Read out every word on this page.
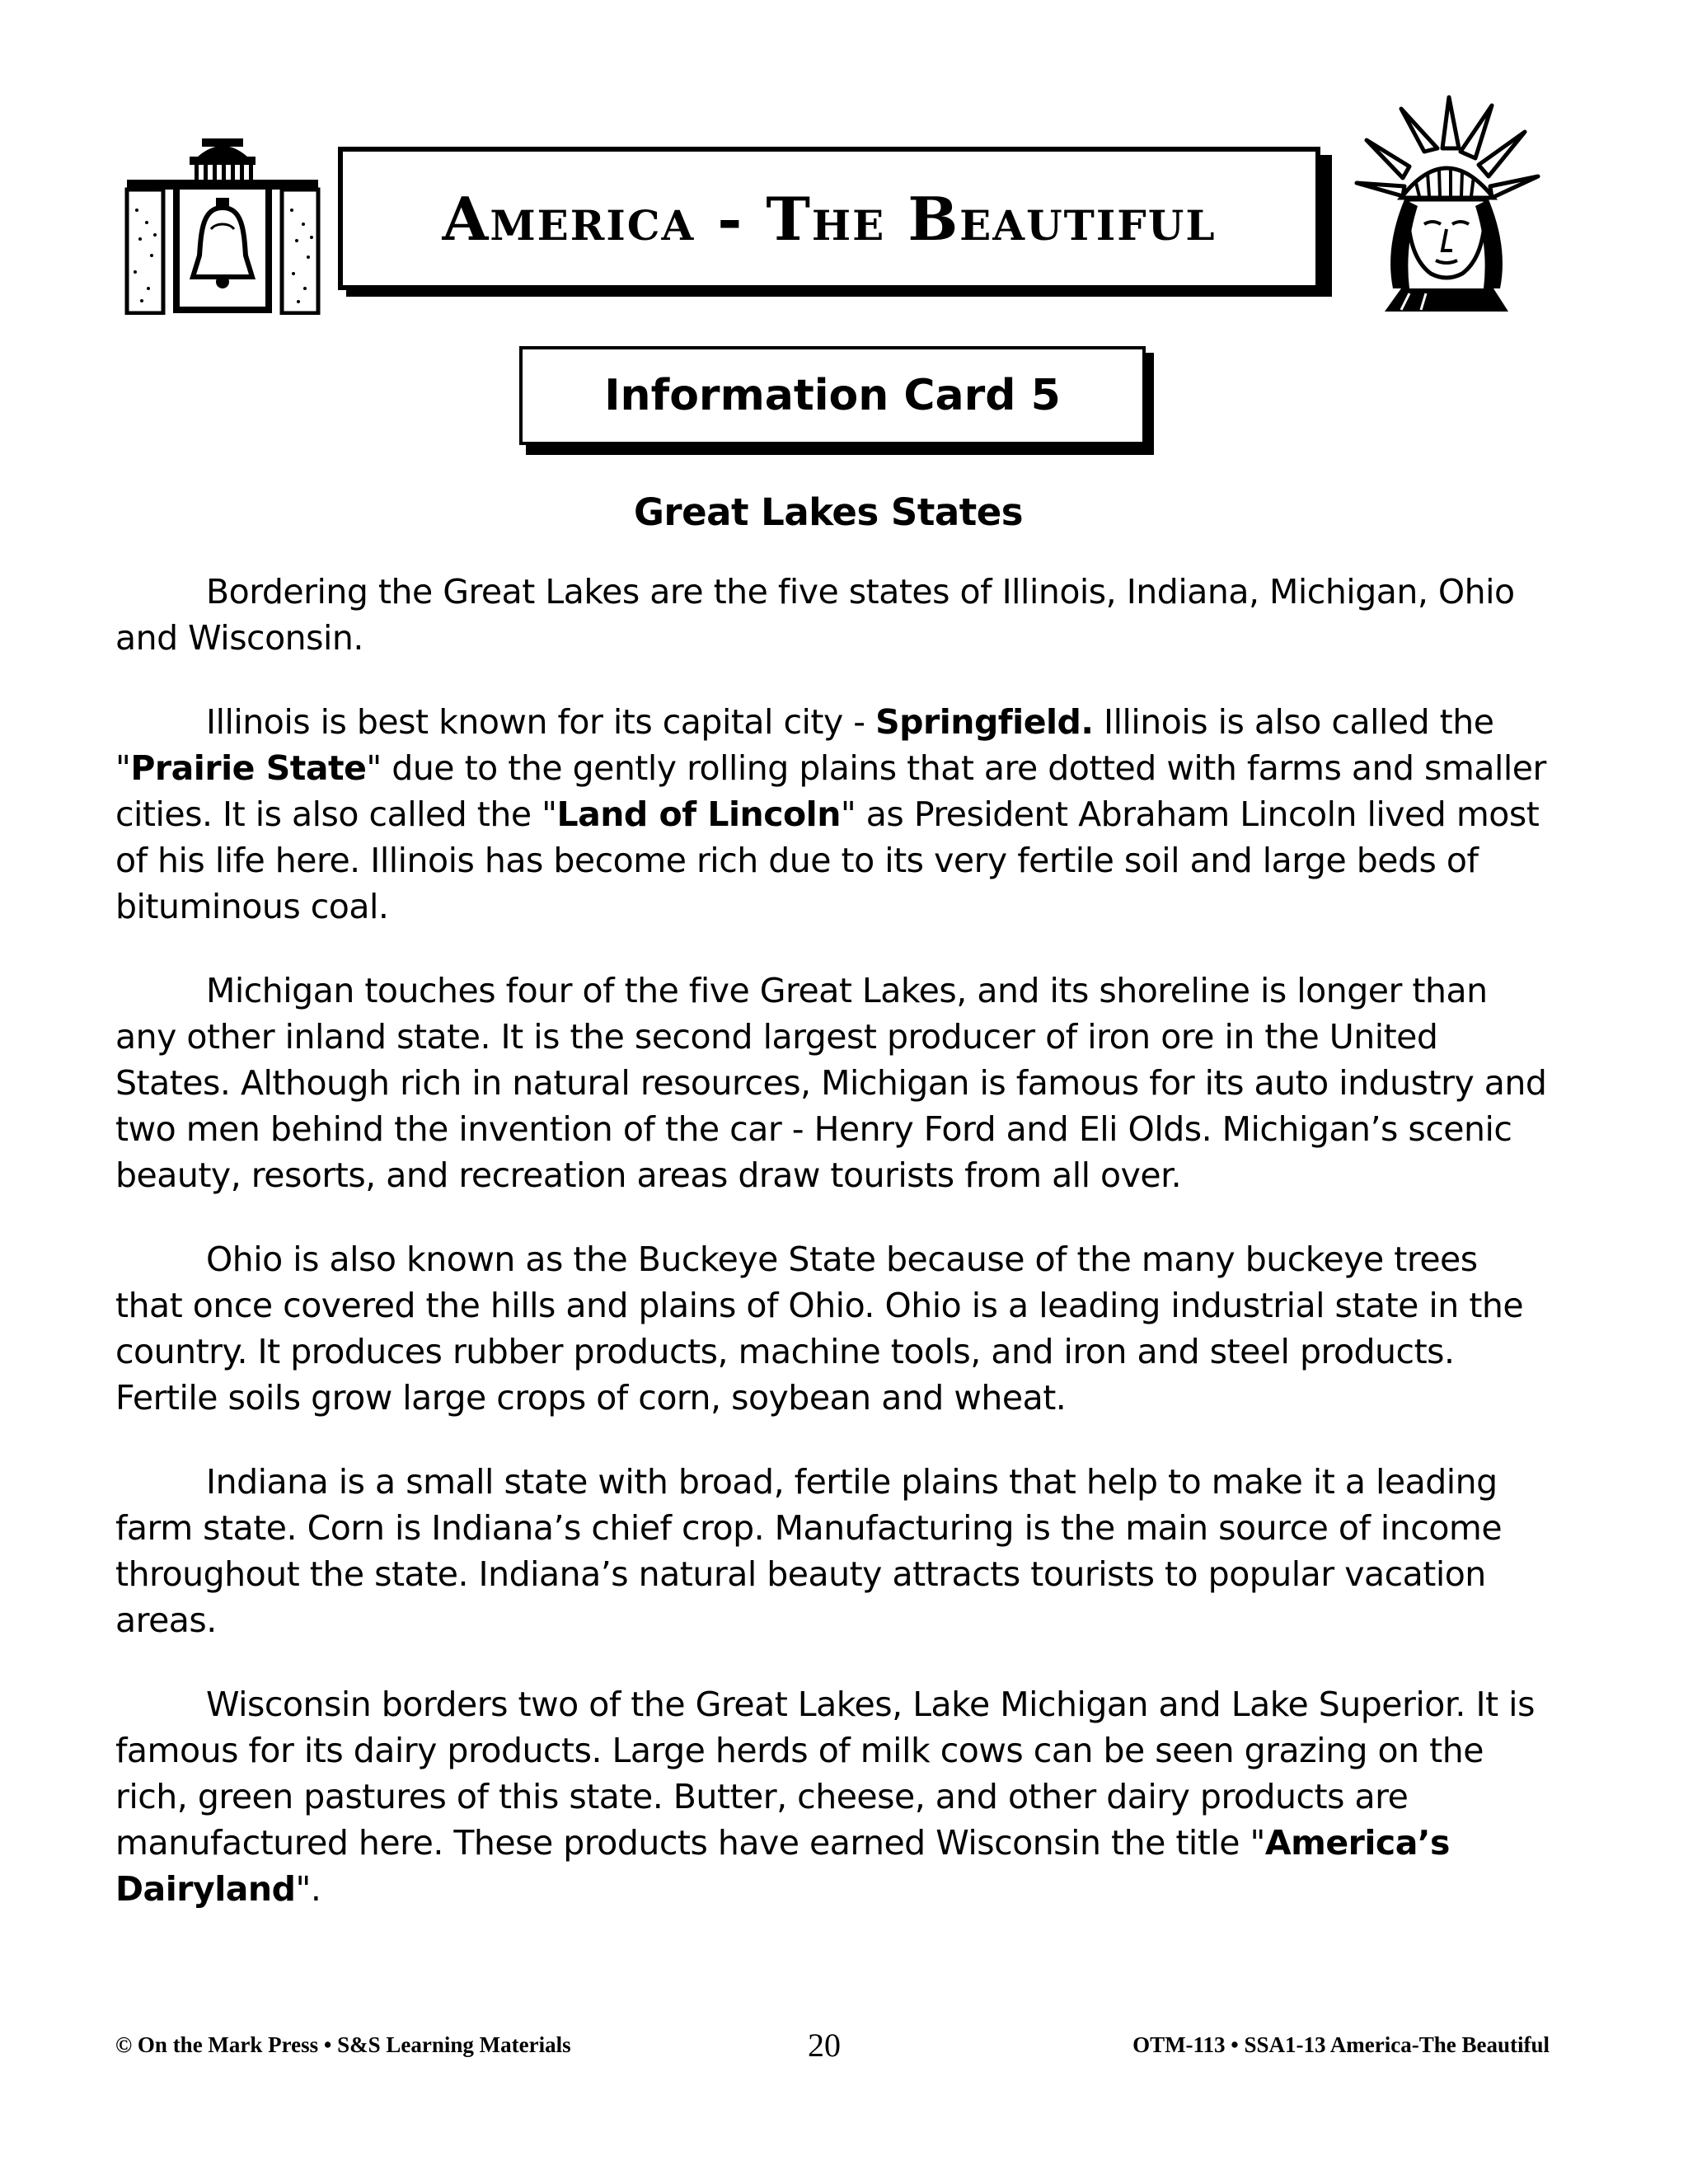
America - The Beautiful
Information Card 5
Great Lakes States

Bordering the Great Lakes are the five states of Illinois, Indiana, Michigan, Ohio and Wisconsin.

Illinois is best known for its capital city - Springfield. Illinois is also called the "Prairie State" due to the gently rolling plains that are dotted with farms and smaller cities. It is also called the "Land of Lincoln" as President Abraham Lincoln lived most of his life here. Illinois has become rich due to its very fertile soil and large beds of bituminous coal.

Michigan touches four of the five Great Lakes, and its shoreline is longer than any other inland state. It is the second largest producer of iron ore in the United States. Although rich in natural resources, Michigan is famous for its auto industry and two men behind the invention of the car - Henry Ford and Eli Olds. Michigan’s scenic beauty, resorts, and recreation areas draw tourists from all over.

Ohio is also known as the Buckeye State because of the many buckeye trees that once covered the hills and plains of Ohio. Ohio is a leading industrial state in the country. It produces rubber products, machine tools, and iron and steel products. Fertile soils grow large crops of corn, soybean and wheat.

Indiana is a small state with broad, fertile plains that help to make it a leading farm state. Corn is Indiana’s chief crop. Manufacturing is the main source of income throughout the state. Indiana’s natural beauty attracts tourists to popular vacation areas.

Wisconsin borders two of the Great Lakes, Lake Michigan and Lake Superior. It is famous for its dairy products. Large herds of milk cows can be seen grazing on the rich, green pastures of this state. Butter, cheese, and other dairy products are manufactured here. These products have earned Wisconsin the title "America’s Dairyland".

© On the Mark Press • S&S Learning Materials	20	OTM-113 • SSA1-13 America-The Beautiful
